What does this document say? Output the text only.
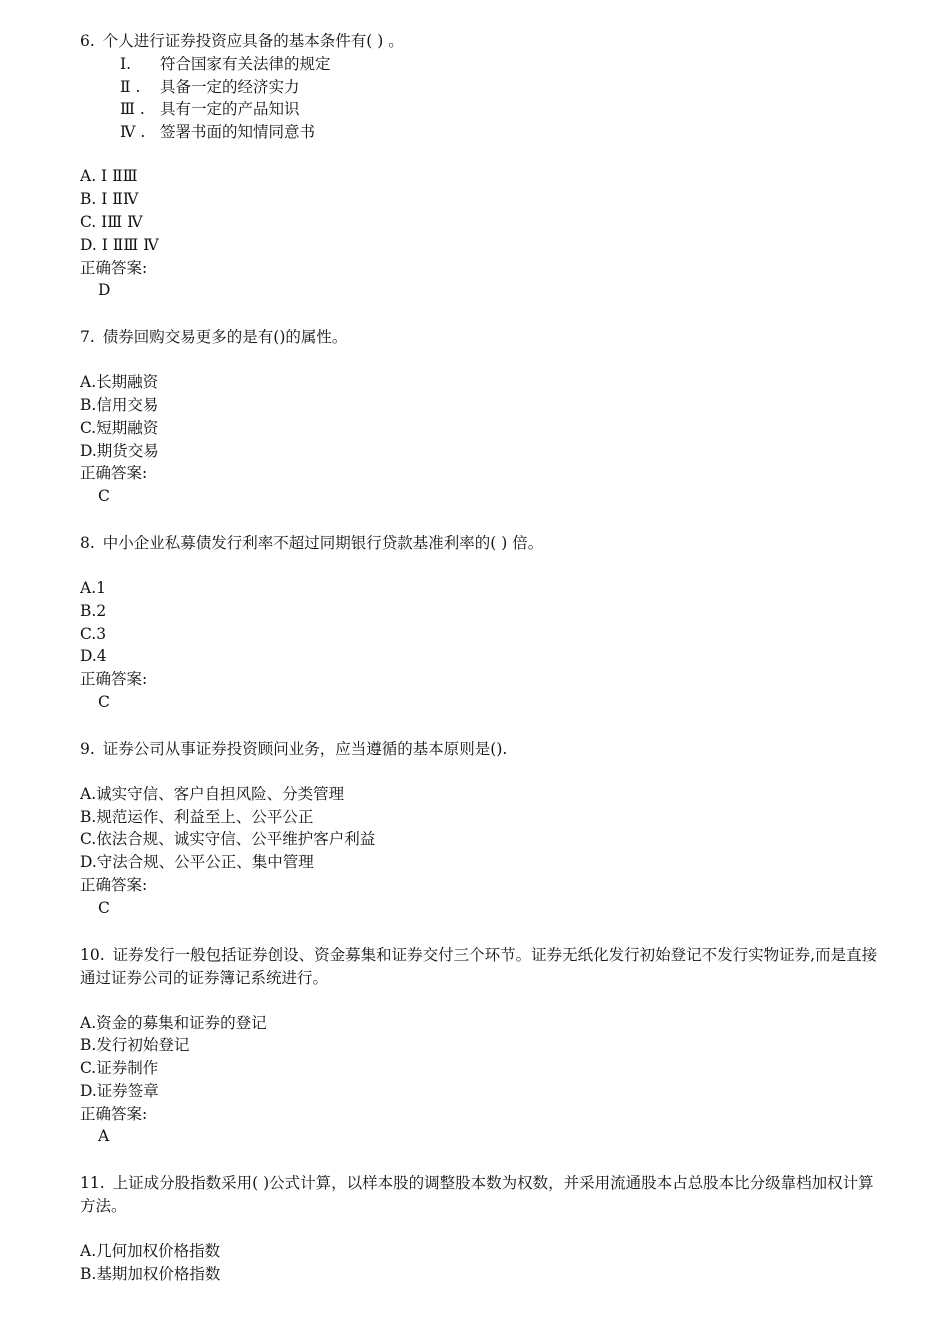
6. 个人进行证券投资应具备的基本条件有( ) 。

Ⅰ. 符合国家有关法律的规定
Ⅱ . 具备一定的经济实力
Ⅲ . 具有一定的产品知识
Ⅳ . 签署书面的知情同意书
A. Ⅰ ⅡⅢ
B. Ⅰ ⅡⅣ
C. ⅠⅢ Ⅳ
D. Ⅰ ⅡⅢ Ⅳ
正确答案:
D

7. 债券回购交易更多的是有()的属性。

A.长期融资
B.信用交易
C.短期融资
D.期货交易
正确答案:
C

8. 中小企业私募债发行利率不超过同期银行贷款基准利率的( ) 倍。

A.1
B.2
C.3
D.4
正确答案:
C

9. 证券公司从事证券投资顾问业务，应当遵循的基本原则是().

A.诚实守信、客户自担风险、分类管理
B.规范运作、利益至上、公平公正
C.依法合规、诚实守信、公平维护客户利益
D.守法合规、公平公正、集中管理
正确答案:
C

10. 证券发行一般包括证券创设、资金募集和证券交付三个环节。证券无纸化发行初始登记不发行实物证券,而是直接通过证券公司的证券簿记系统进行。

A.资金的募集和证券的登记
B.发行初始登记
C.证券制作
D.证券签章
正确答案:
A

11. 上证成分股指数采用( )公式计算，以样本股的调整股本数为权数，并采用流通股本占总股本比分级靠档加权计算方法。

A.几何加权价格指数
B.基期加权价格指数
